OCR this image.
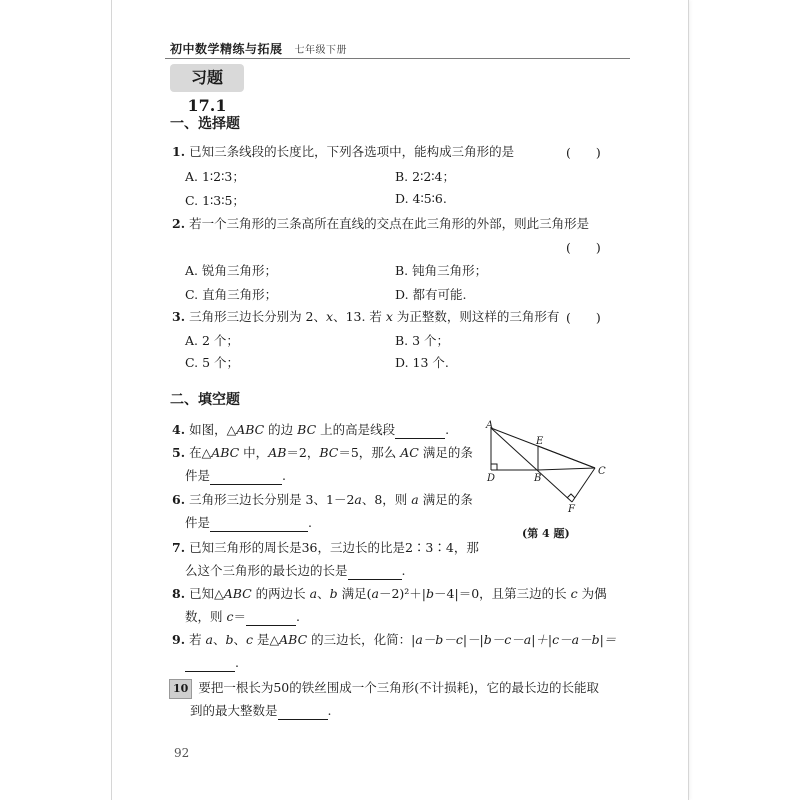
初中数学精练与拓展 七年级下册
习题 17.1
一、选择题
1. 已知三条线段的长度比，下列各选项中，能构成三角形的是	(　　)
A. 1∶2∶3；	B. 2∶2∶4；
C. 1∶3∶5；	D. 4∶5∶6.
2. 若一个三角形的三条高所在直线的交点在此三角形的外部，则此三角形是
(　　)
A. 锐角三角形；	B. 钝角三角形；
C. 直角三角形；	D. 都有可能.
3. 三角形三边长分别为 2、x、13. 若 x 为正整数，则这样的三角形有 (　　)
A. 2 个；	B. 3 个；
C. 5 个；	D. 13 个.
二、填空题
4. 如图，△ABC 的边 BC 上的高是线段	.
5. 在△ABC 中，AB＝2，BC＝5，那么 AC 满足的条
件是	.
6. 三角形三边长分别是 3、1－2a、8，则 a 满足的条
件是	.
7. 已知三角形的周长是36，三边长的比是2∶3∶4，那
么这个三角形的最长边的长是	.
8. 已知△ABC 的两边长 a、b 满足(a－2)²＋|b－4|＝0，且第三边的长 c 为偶
数，则 c＝	.
9. 若 a、b、c 是△ABC 的三边长，化简：|a－b－c|－|b－c－a|＋|c－a－b|＝
.
10 要把一根长为50的铁丝围成一个三角形(不计损耗)，它的最长边的长能取
到的最大整数是	.
A
D	B
E
C
F
(第 4 题)
92
